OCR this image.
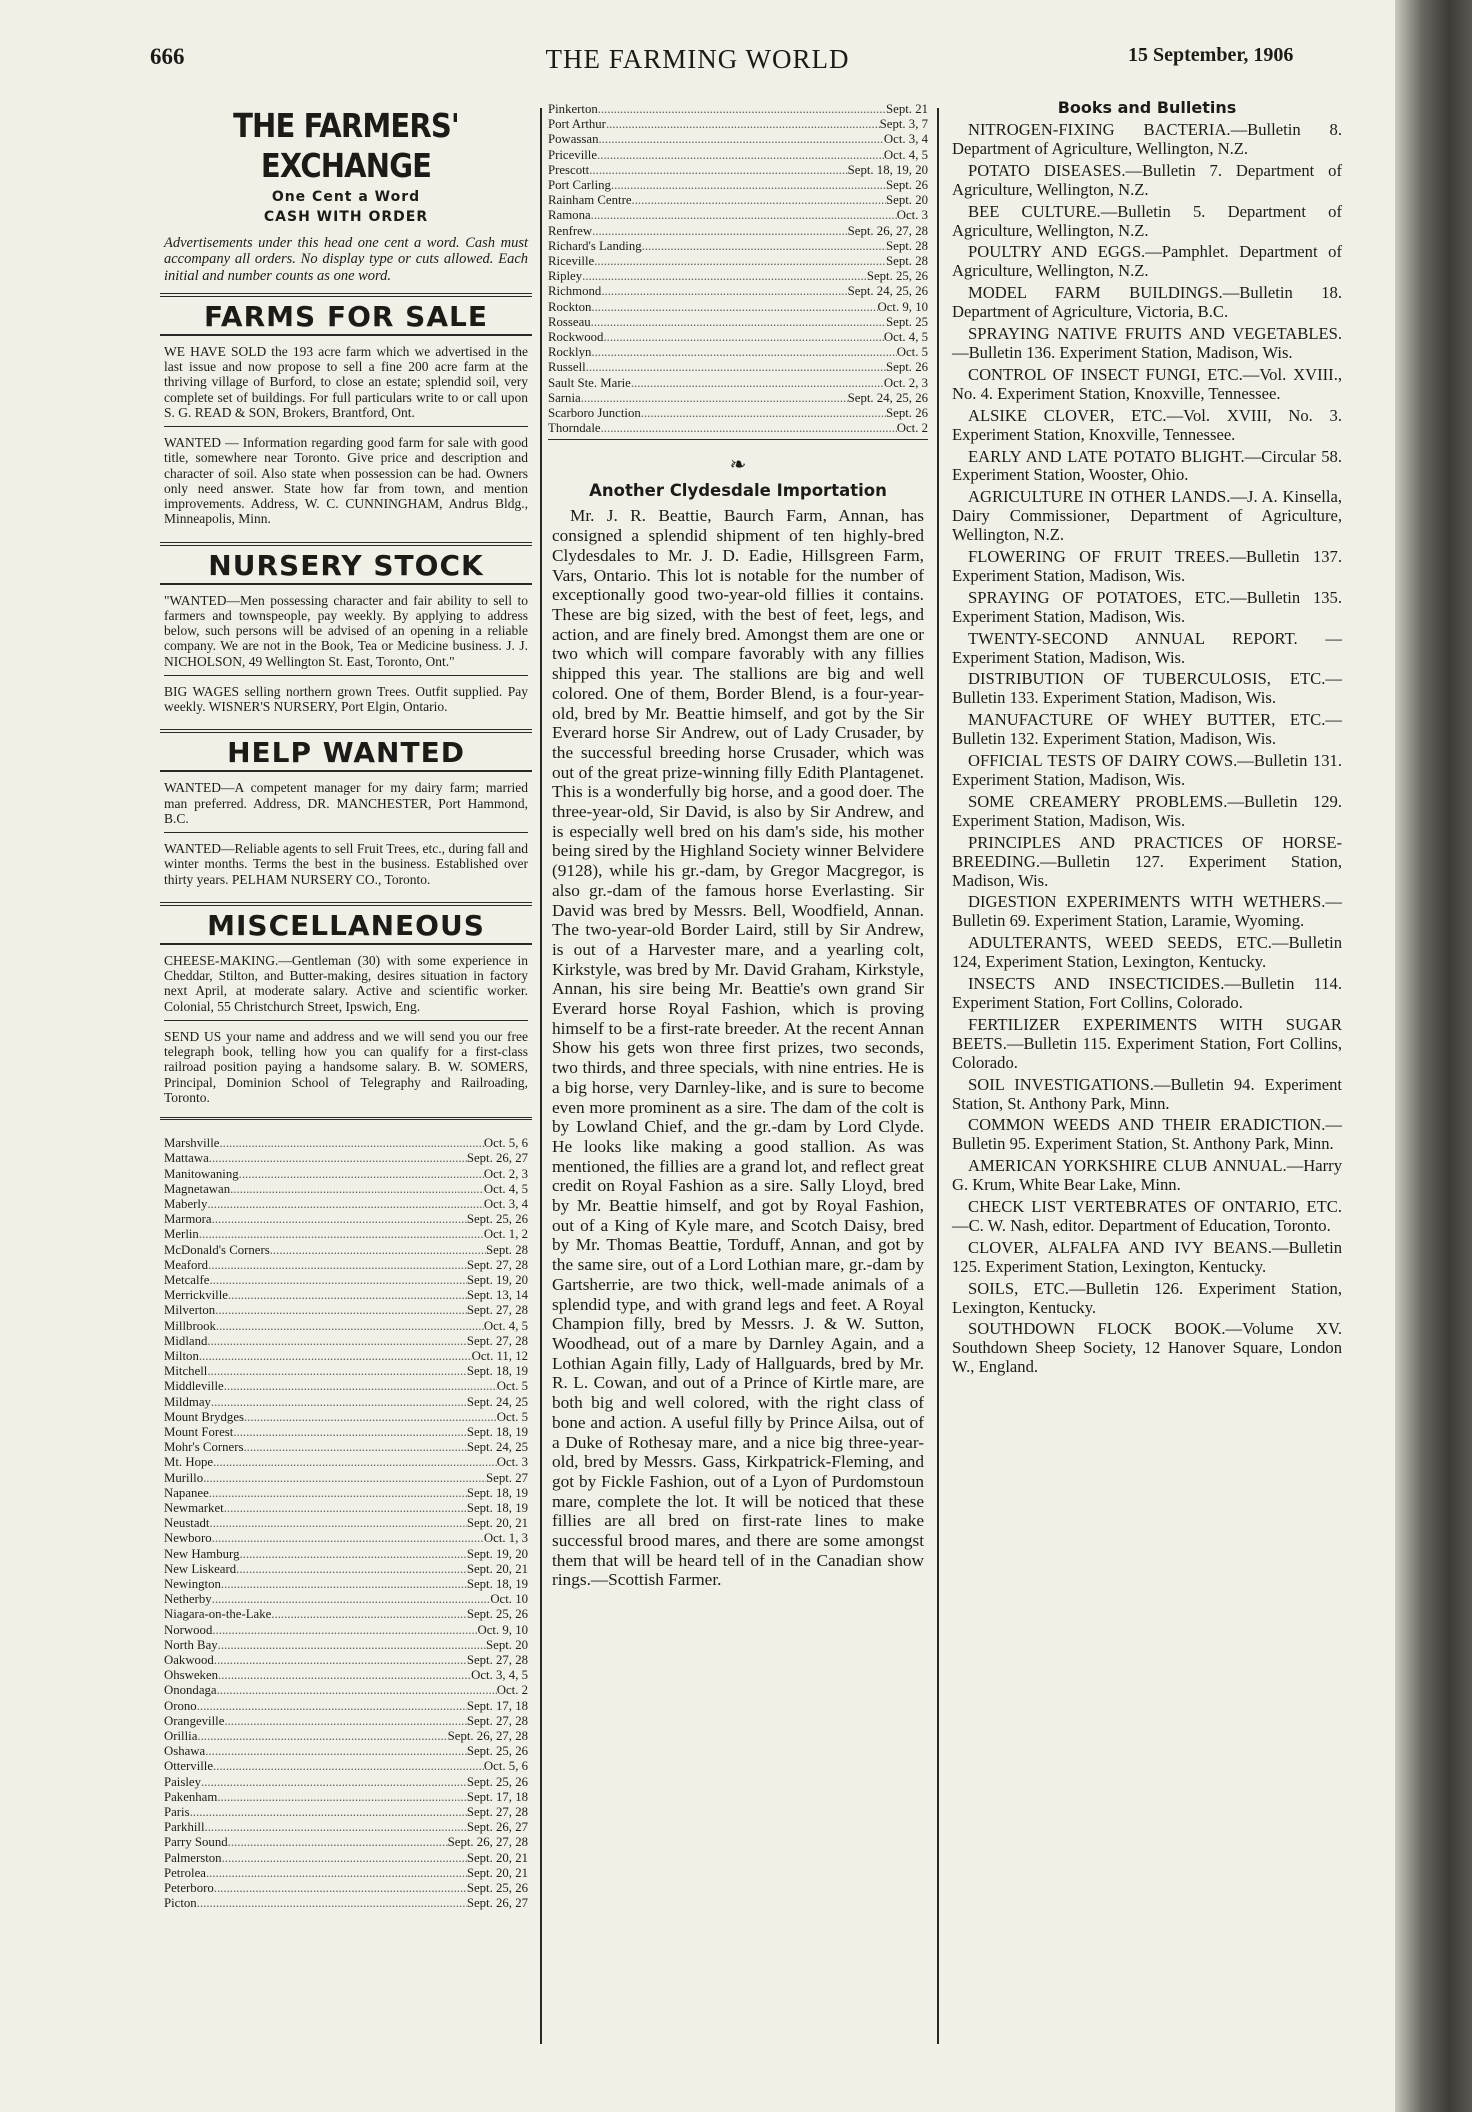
666	THE FARMING WORLD	15 September, 1906
THE FARMERS' EXCHANGE
One Cent a Word
CASH WITH ORDER
Advertisements under this head one cent a word. Cash must accompany all orders. No display type or cuts allowed. Each initial and number counts as one word.
FARMS FOR SALE
WE HAVE SOLD the 193 acre farm which we advertised in the last issue and now propose to sell a fine 200 acre farm at the thriving village of Burford, to close an estate; splendid soil, very complete set of buildings. For full particulars write to or call upon S. G. READ & SON, Brokers, Brantford, Ont.
WANTED — Information regarding good farm for sale with good title, somewhere near Toronto. Give price and description and character of soil. Also state when possession can be had. Owners only need answer. State how far from town, and mention improvements. Address, W. C. CUNNINGHAM, Andrus Bldg., Minneapolis, Minn.
NURSERY STOCK
"WANTED—Men possessing character and fair ability to sell to farmers and townspeople, pay weekly. By applying to address below, such persons will be advised of an opening in a reliable company. We are not in the Book, Tea or Medicine business. J. J. NICHOLSON, 49 Wellington St. East, Toronto, Ont."
BIG WAGES selling northern grown Trees. Outfit supplied. Pay weekly. WISNER'S NURSERY, Port Elgin, Ontario.
HELP WANTED
WANTED—A competent manager for my dairy farm; married man preferred. Address, DR. MANCHESTER, Port Hammond, B.C.
WANTED—Reliable agents to sell Fruit Trees, etc., during fall and winter months. Terms the best in the business. Established over thirty years. PELHAM NURSERY CO., Toronto.
MISCELLANEOUS
CHEESE-MAKING.—Gentleman (30) with some experience in Cheddar, Stilton, and Butter-making, desires situation in factory next April, at moderate salary. Active and scientific worker. Colonial, 55 Christchurch Street, Ipswich, Eng.
SEND US your name and address and we will send you our free telegraph book, telling how you can qualify for a first-class railroad position paying a handsome salary. B. W. SOMERS, Principal, Dominion School of Telegraphy and Railroading, Toronto.
Marshville .....	Oct. 5, 6
Mattawa .....	Sept. 26, 27
Manitowaning .....	Oct. 2, 3
Magnetawan .....	Oct. 4, 5
Maberly .....	Oct. 3, 4
Marmora .....	Sept. 25, 26
Merlin .....	Oct. 1, 2
McDonald's Corners .....	Sept. 28
Meaford .....	Sept. 27, 28
Metcalfe .....	Sept. 19, 20
Merrickville .....	Sept. 13, 14
Milverton .....	Sept. 27, 28
Millbrook .....	Oct. 4, 5
Midland .....	Sept. 27, 28
Milton .....	Oct. 11, 12
Mitchell .....	Sept. 18, 19
Middleville .....	Oct. 5
Mildmay .....	Sept. 24, 25
Mount Brydges .....	Oct. 5
Mount Forest .....	Sept. 18, 19
Mohr's Corners .....	Sept. 24, 25
Mt. Hope .....	Oct. 3
Murillo .....	Sept. 27
Napanee .....	Sept. 18, 19
Newmarket .....	Sept. 18, 19
Neustadt .....	Sept. 20, 21
Newboro .....	Oct. 1, 3
New Hamburg .....	Sept. 19, 20
New Liskeard .....	Sept. 20, 21
Newington .....	Sept. 18, 19
Netherby .....	Oct. 10
Niagara-on-the-Lake .....	Sept. 25, 26
Norwood .....	Oct. 9, 10
North Bay .....	Sept. 20
Oakwood .....	Sept. 27, 28
Ohsweken .....	Oct. 3, 4, 5
Onondaga .....	Oct. 2
Orono .....	Sept. 17, 18
Orangeville .....	Sept. 27, 28
Orillia .....	Sept. 26, 27, 28
Oshawa .....	Sept. 25, 26
Otterville .....	Oct. 5, 6
Paisley .....	Sept. 25, 26
Pakenham .....	Sept. 17, 18
Paris .....	Sept. 27, 28
Parkhill .....	Sept. 26, 27
Parry Sound .....	Sept. 26, 27, 28
Palmerston .....	Sept. 20, 21
Petrolea .....	Sept. 20, 21
Peterboro .....	Sept. 25, 26
Picton .....	Sept. 26, 27
Pinkerton .....	Sept. 21
Port Arthur .....	Sept. 3, 7
Powassan .....	Oct. 3, 4
Priceville .....	Oct. 4, 5
Prescott .....	Sept. 18, 19, 20
Port Carling .....	Sept. 26
Rainham Centre .....	Sept. 20
Ramona .....	Oct. 3
Renfrew .....	Sept. 26, 27, 28
Richard's Landing .....	Sept. 28
Riceville .....	Sept. 28
Ripley .....	Sept. 25, 26
Richmond .....	Sept. 24, 25, 26
Rockton .....	Oct. 9, 10
Rosseau .....	Sept. 25
Rockwood .....	Oct. 4, 5
Rocklyn .....	Oct. 5
Russell .....	Sept. 26
Sault Ste. Marie .....	Oct. 2, 3
Sarnia .....	Sept. 24, 25, 26
Scarboro Junction .....	Sept. 26
Thorndale .....	Oct. 2
❧
Another Clydesdale Importation

Mr. J. R. Beattie, Baurch Farm, Annan, has consigned a splendid shipment of ten highly-bred Clydesdales to Mr. J. D. Eadie, Hillsgreen Farm, Vars, Ontario. This lot is notable for the number of exceptionally good two-year-old fillies it contains. These are big sized, with the best of feet, legs, and action, and are finely bred. Amongst them are one or two which will compare favorably with any fillies shipped this year. The stallions are big and well colored. One of them, Border Blend, is a four-year-old, bred by Mr. Beattie himself, and got by the Sir Everard horse Sir Andrew, out of Lady Crusader, by the successful breeding horse Crusader, which was out of the great prize-winning filly Edith Plantagenet. This is a wonderfully big horse, and a good doer. The three-year-old, Sir David, is also by Sir Andrew, and is especially well bred on his dam's side, his mother being sired by the Highland Society winner Belvidere (9128), while his gr.-dam, by Gregor Macgregor, is also gr.-dam of the famous horse Everlasting. Sir David was bred by Messrs. Bell, Woodfield, Annan. The two-year-old Border Laird, still by Sir Andrew, is out of a Harvester mare, and a yearling colt, Kirkstyle, was bred by Mr. David Graham, Kirkstyle, Annan, his sire being Mr. Beattie's own grand Sir Everard horse Royal Fashion, which is proving himself to be a first-rate breeder. At the recent Annan Show his gets won three first prizes, two seconds, two thirds, and three specials, with nine entries. He is a big horse, very Darnley-like, and is sure to become even more prominent as a sire. The dam of the colt is by Lowland Chief, and the gr.-dam by Lord Clyde. He looks like making a good stallion. As was mentioned, the fillies are a grand lot, and reflect great credit on Royal Fashion as a sire. Sally Lloyd, bred by Mr. Beattie himself, and got by Royal Fashion, out of a King of Kyle mare, and Scotch Daisy, bred by Mr. Thomas Beattie, Torduff, Annan, and got by the same sire, out of a Lord Lothian mare, gr.-dam by Gartsherrie, are two thick, well-made animals of a splendid type, and with grand legs and feet. A Royal Champion filly, bred by Messrs. J. & W. Sutton, Woodhead, out of a mare by Darnley Again, and a Lothian Again filly, Lady of Hallguards, bred by Mr. R. L. Cowan, and out of a Prince of Kirtle mare, are both big and well colored, with the right class of bone and action. A useful filly by Prince Ailsa, out of a Duke of Rothesay mare, and a nice big three-year-old, bred by Messrs. Gass, Kirkpatrick-Fleming, and got by Fickle Fashion, out of a Lyon of Purdomstoun mare, complete the lot. It will be noticed that these fillies are all bred on first-rate lines to make successful brood mares, and there are some amongst them that will be heard tell of in the Canadian show rings.—Scottish Farmer.

Books and Bulletins

NITROGEN-FIXING BACTERIA.—Bulletin 8. Department of Agriculture, Wellington, N.Z.

POTATO DISEASES.—Bulletin 7. Department of Agriculture, Wellington, N.Z.

BEE CULTURE.—Bulletin 5. Department of Agriculture, Wellington, N.Z.

POULTRY AND EGGS.—Pamphlet. Department of Agriculture, Wellington, N.Z.

MODEL FARM BUILDINGS.—Bulletin 18. Department of Agriculture, Victoria, B.C.

SPRAYING NATIVE FRUITS AND VEGETABLES.—Bulletin 136. Experiment Station, Madison, Wis.

CONTROL OF INSECT FUNGI, ETC.—Vol. XVIII., No. 4. Experiment Station, Knoxville, Tennessee.

ALSIKE CLOVER, ETC.—Vol. XVIII, No. 3. Experiment Station, Knoxville, Tennessee.

EARLY AND LATE POTATO BLIGHT.—Circular 58. Experiment Station, Wooster, Ohio.

AGRICULTURE IN OTHER LANDS.—J. A. Kinsella, Dairy Commissioner, Department of Agriculture, Wellington, N.Z.

FLOWERING OF FRUIT TREES.—Bulletin 137. Experiment Station, Madison, Wis.

SPRAYING OF POTATOES, ETC.—Bulletin 135. Experiment Station, Madison, Wis.

TWENTY-SECOND ANNUAL REPORT. — Experiment Station, Madison, Wis.

DISTRIBUTION OF TUBERCULOSIS, ETC.—Bulletin 133. Experiment Station, Madison, Wis.

MANUFACTURE OF WHEY BUTTER, ETC.—Bulletin 132. Experiment Station, Madison, Wis.

OFFICIAL TESTS OF DAIRY COWS.—Bulletin 131. Experiment Station, Madison, Wis.

SOME CREAMERY PROBLEMS.—Bulletin 129. Experiment Station, Madison, Wis.

PRINCIPLES AND PRACTICES OF HORSE-BREEDING.—Bulletin 127. Experiment Station, Madison, Wis.

DIGESTION EXPERIMENTS WITH WETHERS.—Bulletin 69. Experiment Station, Laramie, Wyoming.

ADULTERANTS, WEED SEEDS, ETC.—Bulletin 124, Experiment Station, Lexington, Kentucky.

INSECTS AND INSECTICIDES.—Bulletin 114. Experiment Station, Fort Collins, Colorado.

FERTILIZER EXPERIMENTS WITH SUGAR BEETS.—Bulletin 115. Experiment Station, Fort Collins, Colorado.

SOIL INVESTIGATIONS.—Bulletin 94. Experiment Station, St. Anthony Park, Minn.

COMMON WEEDS AND THEIR ERADICTION.—Bulletin 95. Experiment Station, St. Anthony Park, Minn.

AMERICAN YORKSHIRE CLUB ANNUAL.—Harry G. Krum, White Bear Lake, Minn.

CHECK LIST VERTEBRATES OF ONTARIO, ETC.—C. W. Nash, editor. Department of Education, Toronto.

CLOVER, ALFALFA AND IVY BEANS.—Bulletin 125. Experiment Station, Lexington, Kentucky.

SOILS, ETC.—Bulletin 126. Experiment Station, Lexington, Kentucky.

SOUTHDOWN FLOCK BOOK.—Volume XV. Southdown Sheep Society, 12 Hanover Square, London W., England.
